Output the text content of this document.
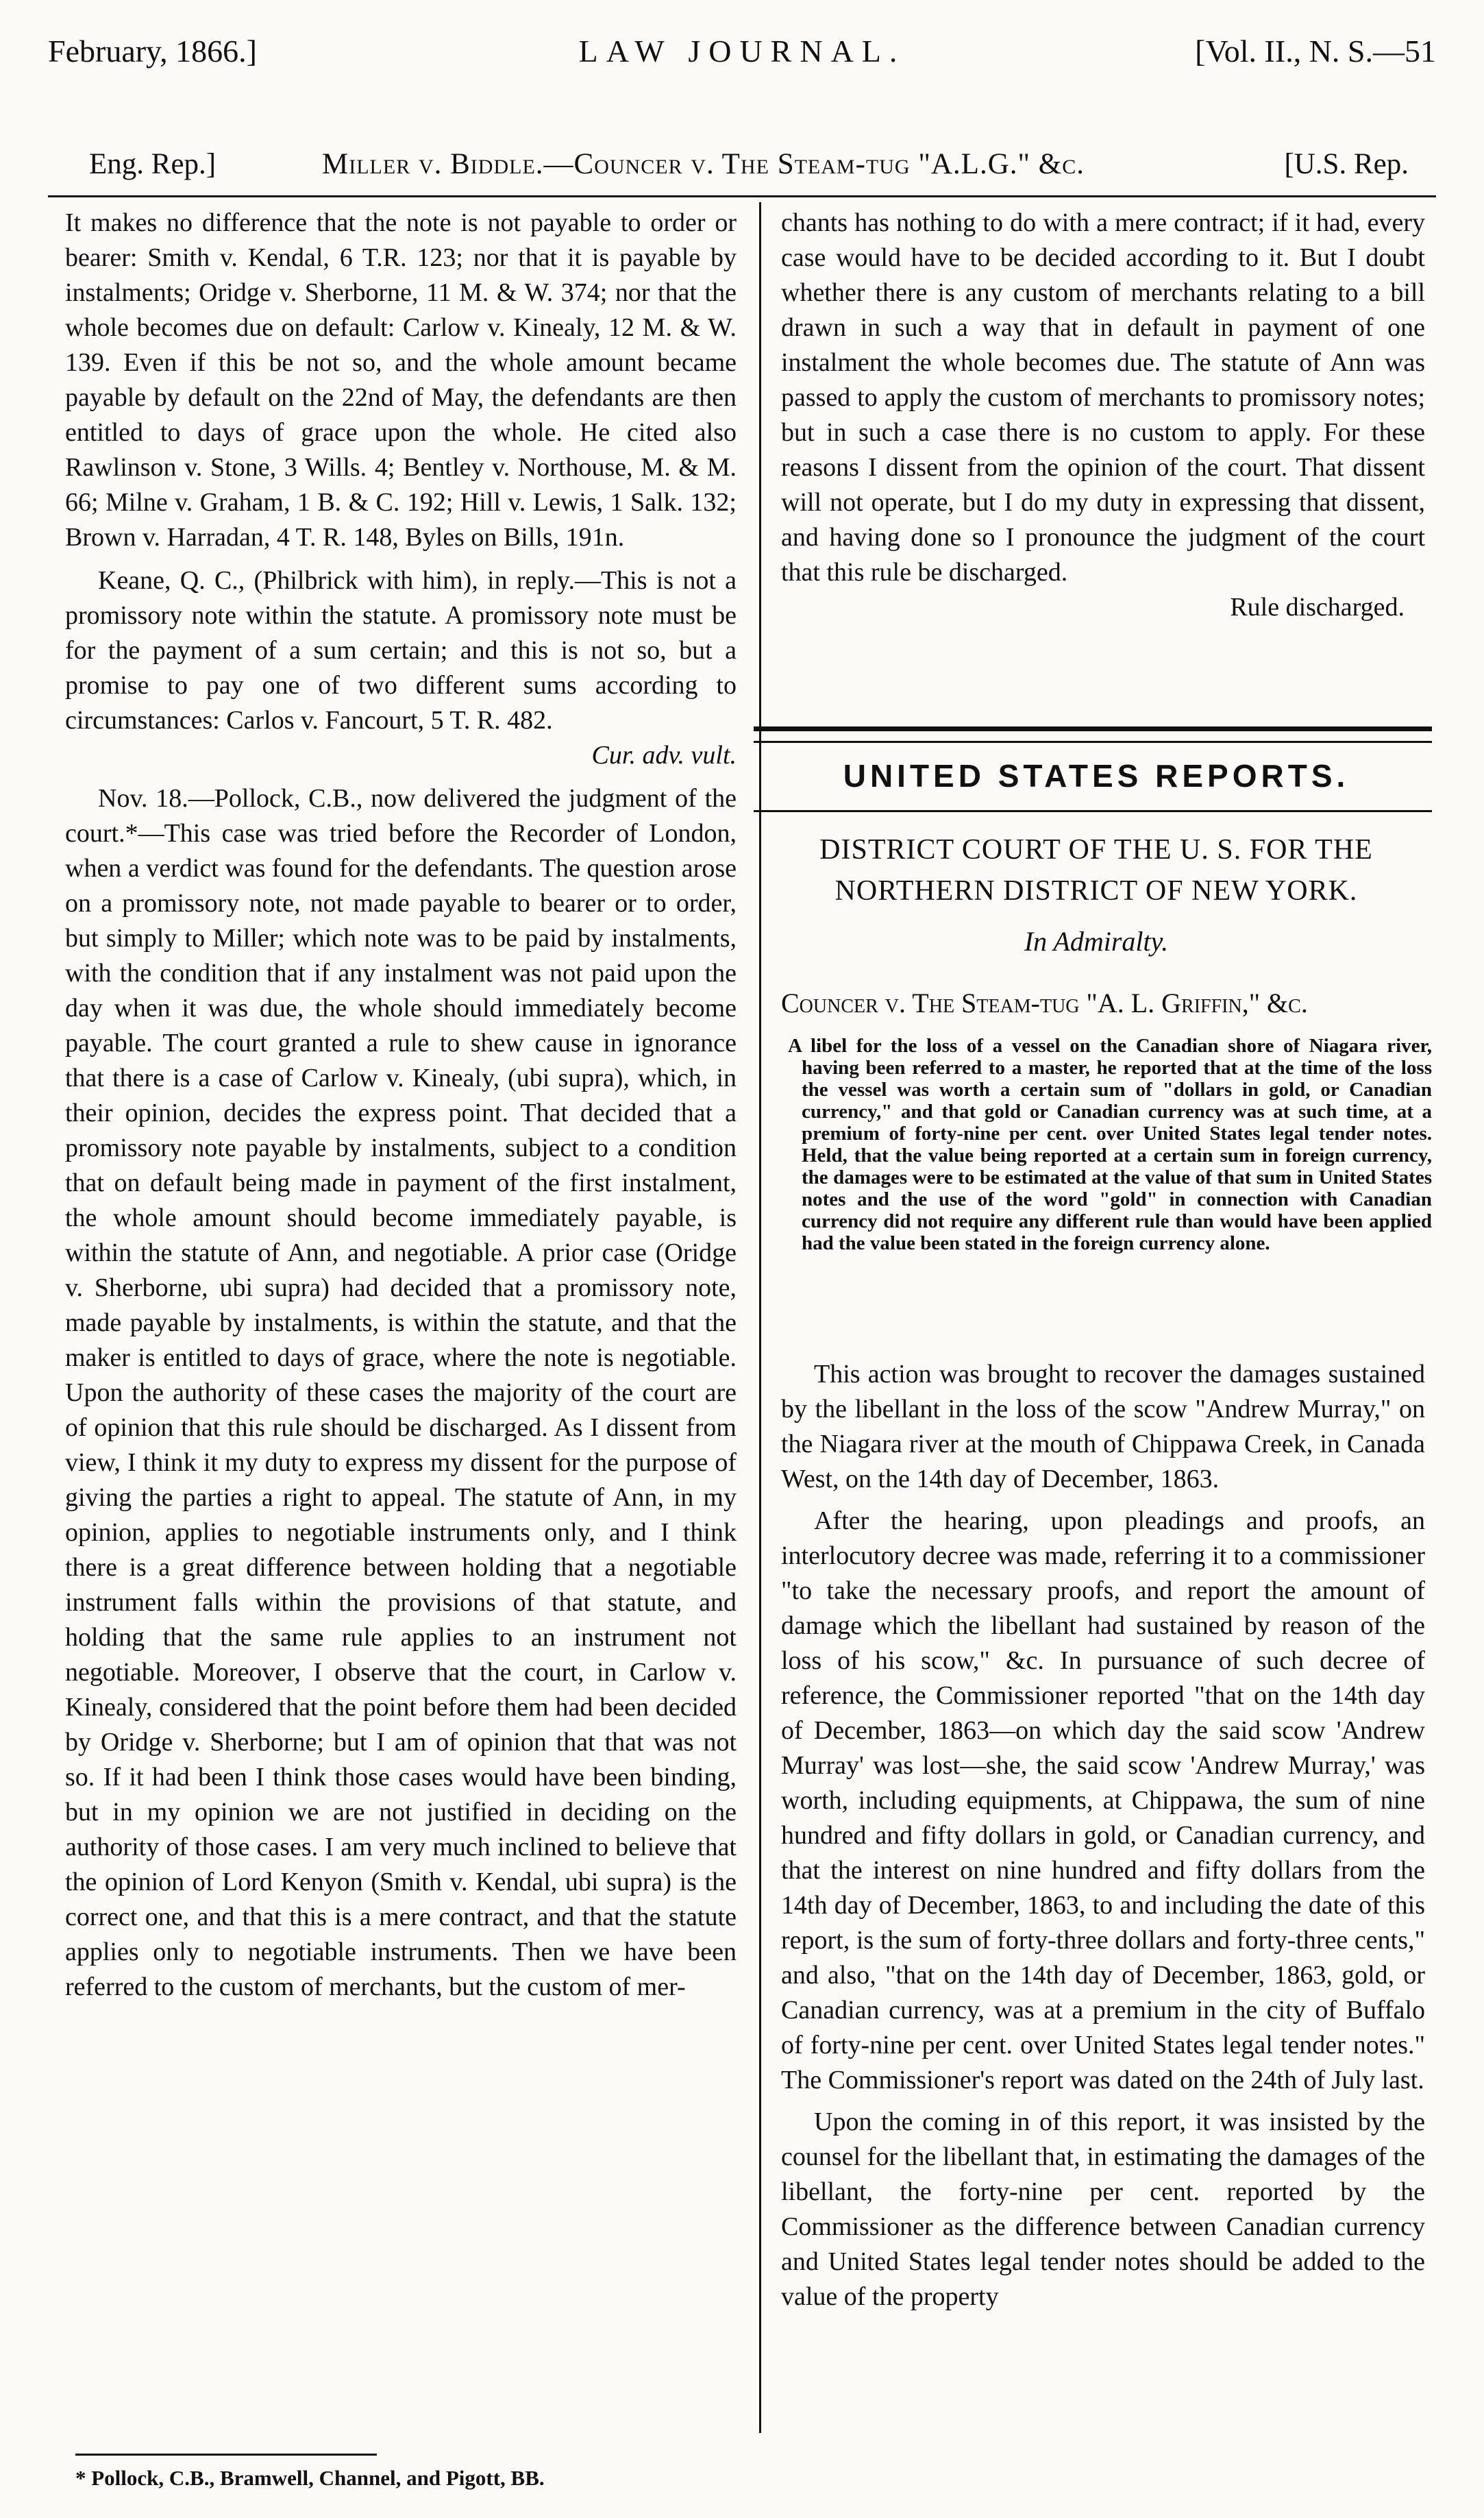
February, 1866.]	LAW JOURNAL.	[Vol. II., N. S.—51
Eng. Rep.]	Miller v. Biddle.—Councer v. The Steam-tug "A.L.G." &c.	[U.S. Rep.

It makes no difference that the note is not payable to order or bearer: Smith v. Kendal, 6 T.R. 123; nor that it is payable by instalments; Oridge v. Sherborne, 11 M. & W. 374; nor that the whole becomes due on default: Carlow v. Kinealy, 12 M. & W. 139. Even if this be not so, and the whole amount became payable by default on the 22nd of May, the defendants are then entitled to days of grace upon the whole. He cited also Rawlinson v. Stone, 3 Wills. 4; Bentley v. Northouse, M. & M. 66; Milne v. Graham, 1 B. & C. 192; Hill v. Lewis, 1 Salk. 132; Brown v. Harradan, 4 T. R. 148, Byles on Bills, 191n.

Keane, Q. C., (Philbrick with him), in reply.—This is not a promissory note within the statute. A promissory note must be for the payment of a sum certain; and this is not so, but a promise to pay one of two different sums according to circumstances: Carlos v. Fancourt, 5 T. R. 482.

Cur. adv. vult.

Nov. 18.—Pollock, C.B., now delivered the judgment of the court.*—This case was tried before the Recorder of London, when a verdict was found for the defendants. The question arose on a promissory note, not made payable to bearer or to order, but simply to Miller; which note was to be paid by instalments, with the condition that if any instalment was not paid upon the day when it was due, the whole should immediately become payable. The court granted a rule to shew cause in ignorance that there is a case of Carlow v. Kinealy, (ubi supra), which, in their opinion, decides the express point. That decided that a promissory note payable by instalments, subject to a condition that on default being made in payment of the first instalment, the whole amount should become immediately payable, is within the statute of Ann, and negotiable. A prior case (Oridge v. Sherborne, ubi supra) had decided that a promissory note, made payable by instalments, is within the statute, and that the maker is entitled to days of grace, where the note is negotiable. Upon the authority of these cases the majority of the court are of opinion that this rule should be discharged. As I dissent from view, I think it my duty to express my dissent for the purpose of giving the parties a right to appeal. The statute of Ann, in my opinion, applies to negotiable instruments only, and I think there is a great difference between holding that a negotiable instrument falls within the provisions of that statute, and holding that the same rule applies to an instrument not negotiable. Moreover, I observe that the court, in Carlow v. Kinealy, considered that the point before them had been decided by Oridge v. Sherborne; but I am of opinion that that was not so. If it had been I think those cases would have been binding, but in my opinion we are not justified in deciding on the authority of those cases. I am very much inclined to believe that the opinion of Lord Kenyon (Smith v. Kendal, ubi supra) is the correct one, and that this is a mere contract, and that the statute applies only to negotiable instruments. Then we have been referred to the custom of merchants, but the custom of mer-

chants has nothing to do with a mere contract; if it had, every case would have to be decided according to it. But I doubt whether there is any custom of merchants relating to a bill drawn in such a way that in default in payment of one instalment the whole becomes due. The statute of Ann was passed to apply the custom of merchants to promissory notes; but in such a case there is no custom to apply. For these reasons I dissent from the opinion of the court. That dissent will not operate, but I do my duty in expressing that dissent, and having done so I pronounce the judgment of the court that this rule be discharged.

Rule discharged.

UNITED STATES REPORTS.
DISTRICT COURT OF THE U. S. FOR THE NORTHERN DISTRICT OF NEW YORK.
In Admiralty.
Councer v. The Steam-tug "A. L. Griffin," &c.
A libel for the loss of a vessel on the Canadian shore of Niagara river, having been referred to a master, he reported that at the time of the loss the vessel was worth a certain sum of "dollars in gold, or Canadian currency," and that gold or Canadian currency was at such time, at a premium of forty-nine per cent. over United States legal tender notes. Held, that the value being reported at a certain sum in foreign currency, the damages were to be estimated at the value of that sum in United States notes and the use of the word "gold" in connection with Canadian currency did not require any different rule than would have been applied had the value been stated in the foreign currency alone.

This action was brought to recover the damages sustained by the libellant in the loss of the scow "Andrew Murray," on the Niagara river at the mouth of Chippawa Creek, in Canada West, on the 14th day of December, 1863.

After the hearing, upon pleadings and proofs, an interlocutory decree was made, referring it to a commissioner "to take the necessary proofs, and report the amount of damage which the libellant had sustained by reason of the loss of his scow," &c. In pursuance of such decree of reference, the Commissioner reported "that on the 14th day of December, 1863—on which day the said scow 'Andrew Murray' was lost—she, the said scow 'Andrew Murray,' was worth, including equipments, at Chippawa, the sum of nine hundred and fifty dollars in gold, or Canadian currency, and that the interest on nine hundred and fifty dollars from the 14th day of December, 1863, to and including the date of this report, is the sum of forty-three dollars and forty-three cents," and also, "that on the 14th day of December, 1863, gold, or Canadian currency, was at a premium in the city of Buffalo of forty-nine per cent. over United States legal tender notes." The Commissioner's report was dated on the 24th of July last.

Upon the coming in of this report, it was insisted by the counsel for the libellant that, in estimating the damages of the libellant, the forty-nine per cent. reported by the Commissioner as the difference between Canadian currency and United States legal tender notes should be added to the value of the property

* Pollock, C.B., Bramwell, Channel, and Pigott, BB.
